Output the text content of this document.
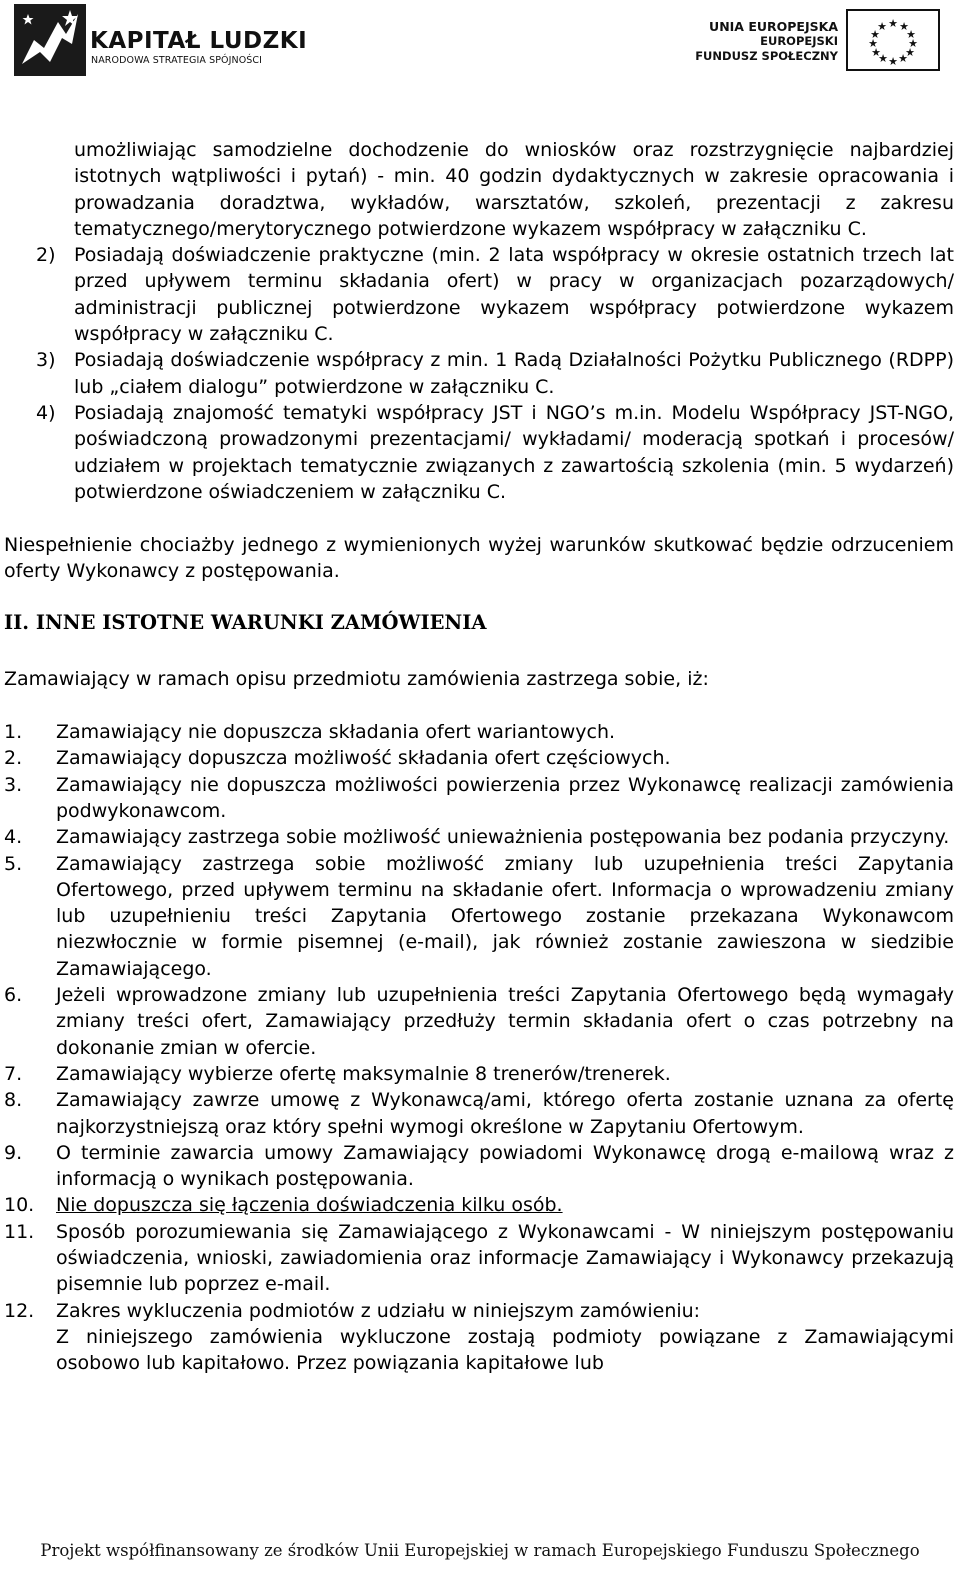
KAPITAŁ LUDZKI
NARODOWA STRATEGIA SPÓJNOŚCI
UNIA EUROPEJSKA

EUROPEJSKI
FUNDUSZ SPOŁECZNY
★ ★
★
★
★
★
★
★
★
★
★
★

umożliwiając samodzielne dochodzenie do wniosków oraz rozstrzygnięcie najbardziej istotnych wątpliwości i pytań) - min. 40 godzin dydaktycznych w zakresie opracowania i prowadzania doradztwa, wykładów, warsztatów, szkoleń, prezentacji z zakresu tematycznego/merytorycznego potwierdzone wykazem współpracy w załączniku C.

2) Posiadają doświadczenie praktyczne (min. 2 lata współpracy w okresie ostatnich trzech lat przed upływem terminu składania ofert) w pracy w organizacjach pozarządowych/ administracji publicznej potwierdzone wykazem współpracy potwierdzone wykazem współpracy w załączniku C.
3) Posiadają doświadczenie współpracy z min. 1 Radą Działalności Pożytku Publicznego (RDPP) lub „ciałem dialogu” potwierdzone w załączniku C.
4) Posiadają znajomość tematyki współpracy JST i NGO’s m.in. Modelu Współpracy JST-NGO, poświadczoną prowadzonymi prezentacjami/ wykładami/ moderacją spotkań i procesów/ udziałem w projektach tematycznie związanych z zawartością szkolenia (min. 5 wydarzeń) potwierdzone oświadczeniem w załączniku C.

Niespełnienie chociażby jednego z wymienionych wyżej warunków skutkować będzie odrzuceniem oferty Wykonawcy z postępowania.

II. INNE ISTOTNE WARUNKI ZAMÓWIENIA

Zamawiający w ramach opisu przedmiotu zamówienia zastrzega sobie, iż:

1.	Zamawiający nie dopuszcza składania ofert wariantowych.
2.	Zamawiający dopuszcza możliwość składania ofert częściowych.
3.	Zamawiający nie dopuszcza możliwości powierzenia przez Wykonawcę realizacji zamówienia podwykonawcom.
4.	Zamawiający zastrzega sobie możliwość unieważnienia postępowania bez podania przyczyny.
5.	Zamawiający zastrzega sobie możliwość zmiany lub uzupełnienia treści Zapytania Ofertowego, przed upływem terminu na składanie ofert. Informacja o wprowadzeniu zmiany lub uzupełnieniu treści Zapytania Ofertowego zostanie przekazana Wykonawcom niezwłocznie w formie pisemnej (e-mail), jak również zostanie zawieszona w siedzibie Zamawiającego.
6.	Jeżeli wprowadzone zmiany lub uzupełnienia treści Zapytania Ofertowego będą wymagały zmiany treści ofert, Zamawiający przedłuży termin składania ofert o czas potrzebny na dokonanie zmian w ofercie.
7.	Zamawiający wybierze ofertę maksymalnie 8 trenerów/trenerek.
8.	Zamawiający zawrze umowę z Wykonawcą/ami, którego oferta zostanie uznana za ofertę najkorzystniejszą oraz który spełni wymogi określone w Zapytaniu Ofertowym.
9.	O terminie zawarcia umowy Zamawiający powiadomi Wykonawcę drogą e-mailową wraz z informacją o wynikach postępowania.
10.	Nie dopuszcza się łączenia doświadczenia kilku osób.
11.	Sposób porozumiewania się Zamawiającego z Wykonawcami - W niniejszym postępowaniu oświadczenia, wnioski, zawiadomienia oraz informacje Zamawiający i Wykonawcy przekazują pisemnie lub poprzez e-mail.
12.	Zakres wykluczenia podmiotów z udziału w niniejszym zamówieniu:
Z niniejszego zamówienia wykluczone zostają podmioty powiązane z Zamawiającymi osobowo lub kapitałowo. Przez powiązania kapitałowe lub
Projekt współfinansowany ze środków Unii Europejskiej w ramach Europejskiego Funduszu Społecznego
